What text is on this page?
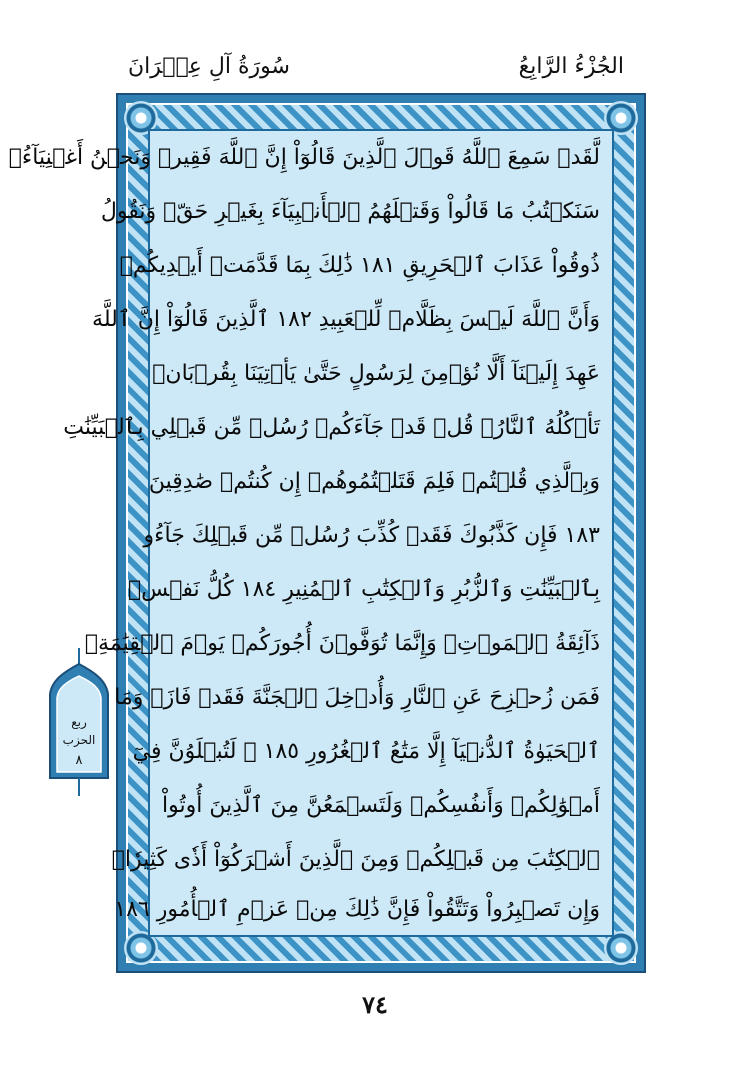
الجُزْءُ الرَّابِعُ
سُورَةُ آلِ عِمۡرَانَ
لَّقَدۡ سَمِعَ ٱللَّهُ قَوۡلَ ٱلَّذِينَ قَالُوٓاْ إِنَّ ٱللَّهَ فَقِيرٞ وَنَحۡنُ أَغۡنِيَآءُۘ
سَنَكۡتُبُ مَا قَالُواْ وَقَتۡلَهُمُ ٱلۡأَنۢبِيَآءَ بِغَيۡرِ حَقّٖ وَنَقُولُ
ذُوقُواْ عَذَابَ ٱلۡحَرِيقِ ١٨١ ذَٰلِكَ بِمَا قَدَّمَتۡ أَيۡدِيكُمۡ
وَأَنَّ ٱللَّهَ لَيۡسَ بِظَلَّامٖ لِّلۡعَبِيدِ ١٨٢ ٱلَّذِينَ قَالُوٓاْ إِنَّ ٱللَّهَ
عَهِدَ إِلَيۡنَآ أَلَّا نُؤۡمِنَ لِرَسُولٍ حَتَّىٰ يَأۡتِيَنَا بِقُرۡبَانٖ
تَأۡكُلُهُ ٱلنَّارُۗ قُلۡ قَدۡ جَآءَكُمۡ رُسُلٞ مِّن قَبۡلِي بِٱلۡبَيِّنَٰتِ
وَبِٱلَّذِي قُلۡتُمۡ فَلِمَ قَتَلۡتُمُوهُمۡ إِن كُنتُمۡ صَٰدِقِينَ
١٨٣ فَإِن كَذَّبُوكَ فَقَدۡ كُذِّبَ رُسُلٞ مِّن قَبۡلِكَ جَآءُو
بِٱلۡبَيِّنَٰتِ وَٱلزُّبُرِ وَٱلۡكِتَٰبِ ٱلۡمُنِيرِ ١٨٤ كُلُّ نَفۡسٖ
ذَآئِقَةُ ٱلۡمَوۡتِۗ وَإِنَّمَا تُوَفَّوۡنَ أُجُورَكُمۡ يَوۡمَ ٱلۡقِيَٰمَةِۖ
فَمَن زُحۡزِحَ عَنِ ٱلنَّارِ وَأُدۡخِلَ ٱلۡجَنَّةَ فَقَدۡ فَازَۗ وَمَا
ٱلۡحَيَوٰةُ ٱلدُّنۡيَآ إِلَّا مَتَٰعُ ٱلۡغُرُورِ ١٨٥ ۞ لَتُبۡلَوُنَّ فِيٓ
أَمۡوَٰلِكُمۡ وَأَنفُسِكُمۡ وَلَتَسۡمَعُنَّ مِنَ ٱلَّذِينَ أُوتُواْ
ٱلۡكِتَٰبَ مِن قَبۡلِكُمۡ وَمِنَ ٱلَّذِينَ أَشۡرَكُوٓاْ أَذٗى كَثِيرٗاۚ
وَإِن تَصۡبِرُواْ وَتَتَّقُواْ فَإِنَّ ذَٰلِكَ مِنۡ عَزۡمِ ٱلۡأُمُورِ ١٨٦
ربع
الحزب
٨
٧٤
